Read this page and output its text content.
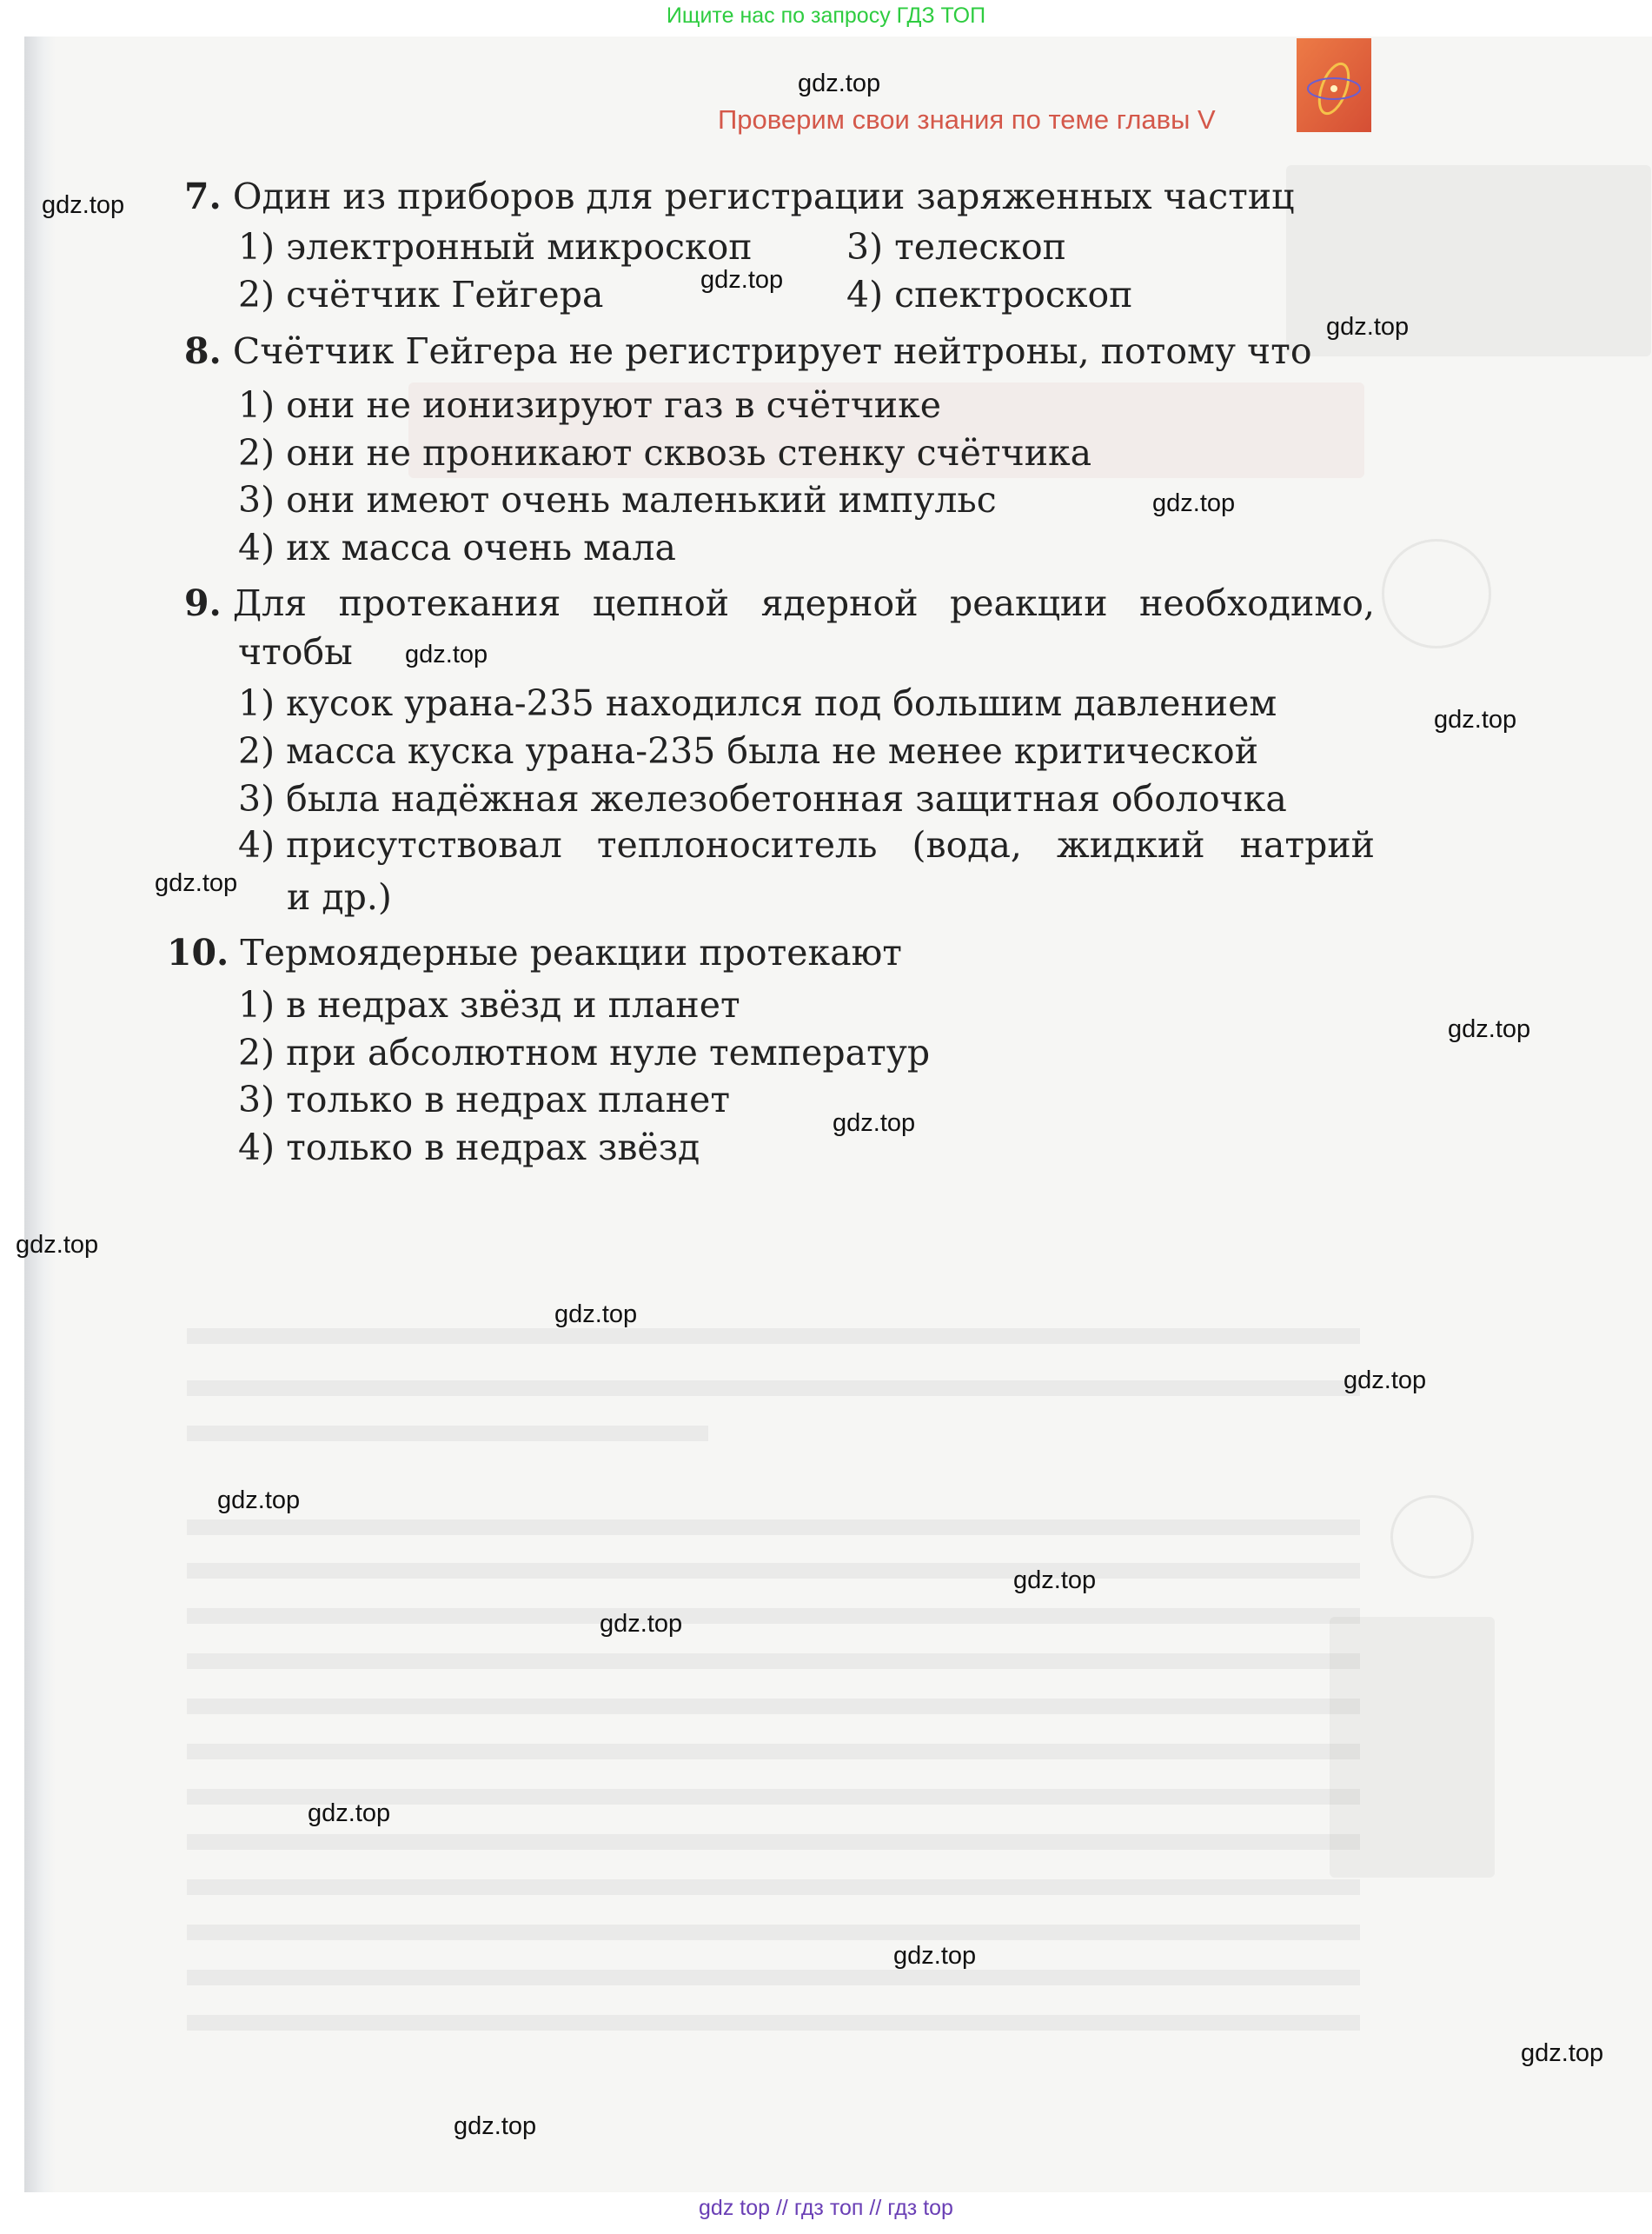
Ищите нас по запросу ГДЗ ТОП
Проверим свои знания по теме главы V
7. Один из приборов для регистрации заряженных частиц
1) электронный микроскоп	3) телескоп
2) счётчик Гейгера	4) спектроскоп
8. Счётчик Гейгера не регистрирует нейтроны, потому что
1) они не ионизируют газ в счётчике
2) они не проникают сквозь стенку счётчика
3) они имеют очень маленький импульс
4) их масса очень мала
9. Для протекания цепной ядерной реакции необходимо,
чтобы
1) кусок урана-235 находился под большим давлением
2) масса куска урана-235 была не менее критической
3) была надёжная железобетонная защитная оболочка
4) присутствовал теплоноситель (вода, жидкий натрий
и др.)
10. Термоядерные реакции протекают
1) в недрах звёзд и планет
2) при абсолютном нуле температур
3) только в недрах планет
4) только в недрах звёзд
gdz.top
gdz.top
gdz.top
gdz.top
gdz.top
gdz.top
gdz.top
gdz.top
gdz.top
gdz.top
gdz.top
gdz.top
gdz.top
gdz.top
gdz.top
gdz.top
gdz.top
gdz.top
gdz.top
gdz.top
gdz top // гдз топ // гдз top
